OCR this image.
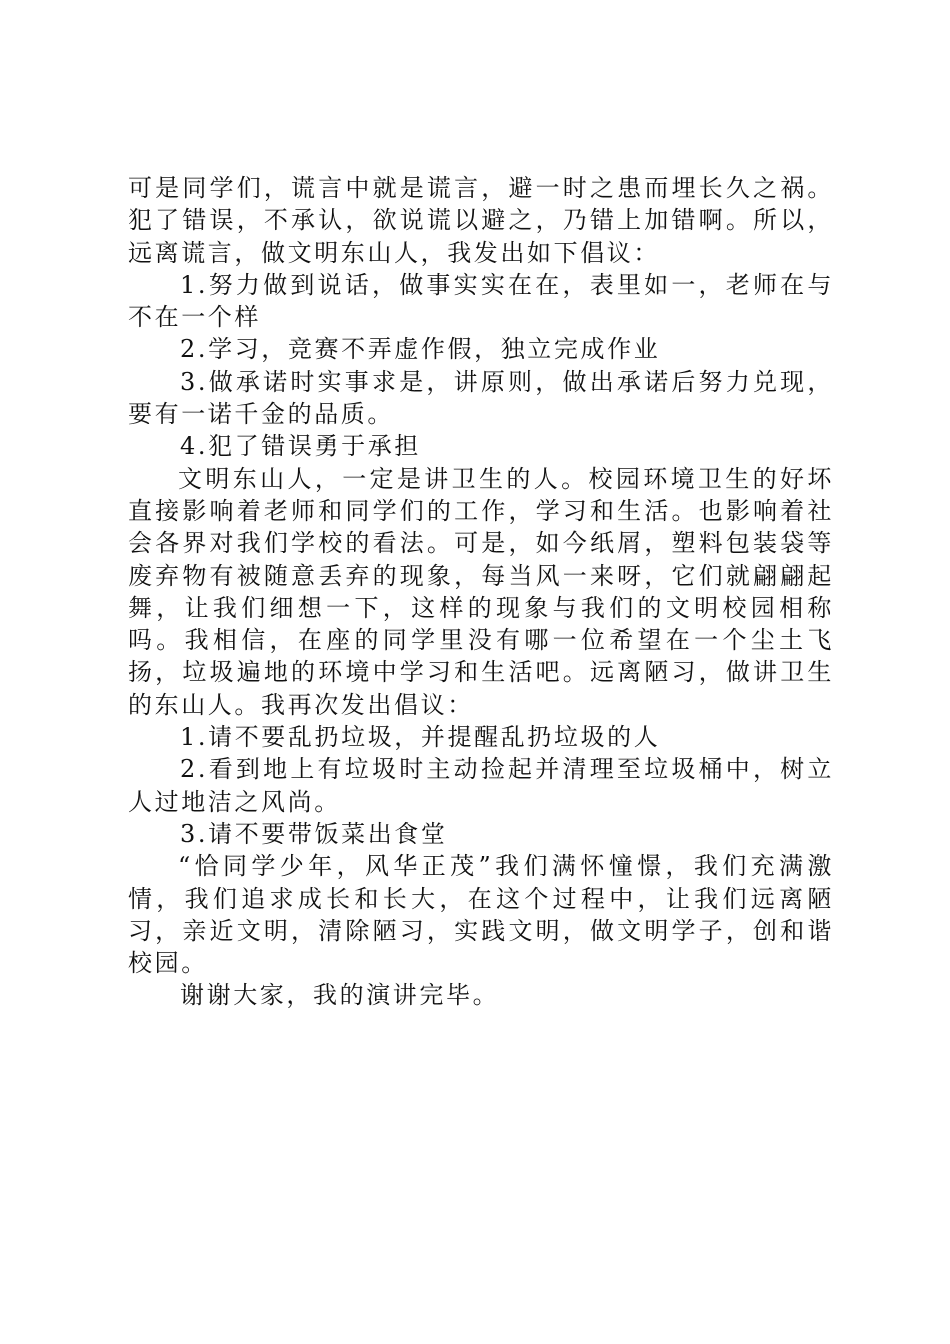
可是同学们，谎言中就是谎言，避一时之患而埋长久之祸。犯了错误，不承认，欲说谎以避之，乃错上加错啊。所以，远离谎言，做文明东山人，我发出如下倡议：

1.努力做到说话，做事实实在在，表里如一，老师在与不在一个样

2.学习，竞赛不弄虚作假，独立完成作业

3.做承诺时实事求是，讲原则，做出承诺后努力兑现，要有一诺千金的品质。

4.犯了错误勇于承担

文明东山人，一定是讲卫生的人。校园环境卫生的好坏直接影响着老师和同学们的工作，学习和生活。也影响着社会各界对我们学校的看法。可是，如今纸屑，塑料包装袋等废弃物有被随意丢弃的现象，每当风一来呀，它们就翩翩起舞，让我们细想一下，这样的现象与我们的文明校园相称吗。我相信，在座的同学里没有哪一位希望在一个尘土飞扬，垃圾遍地的环境中学习和生活吧。远离陋习，做讲卫生的东山人。我再次发出倡议：

1.请不要乱扔垃圾，并提醒乱扔垃圾的人

2.看到地上有垃圾时主动捡起并清理至垃圾桶中，树立人过地洁之风尚。

3.请不要带饭菜出食堂

“恰同学少年，风华正茂”我们满怀憧憬，我们充满激情，我们追求成长和长大，在这个过程中，让我们远离陋习，亲近文明，清除陋习，实践文明，做文明学子，创和谐校园。

谢谢大家，我的演讲完毕。
